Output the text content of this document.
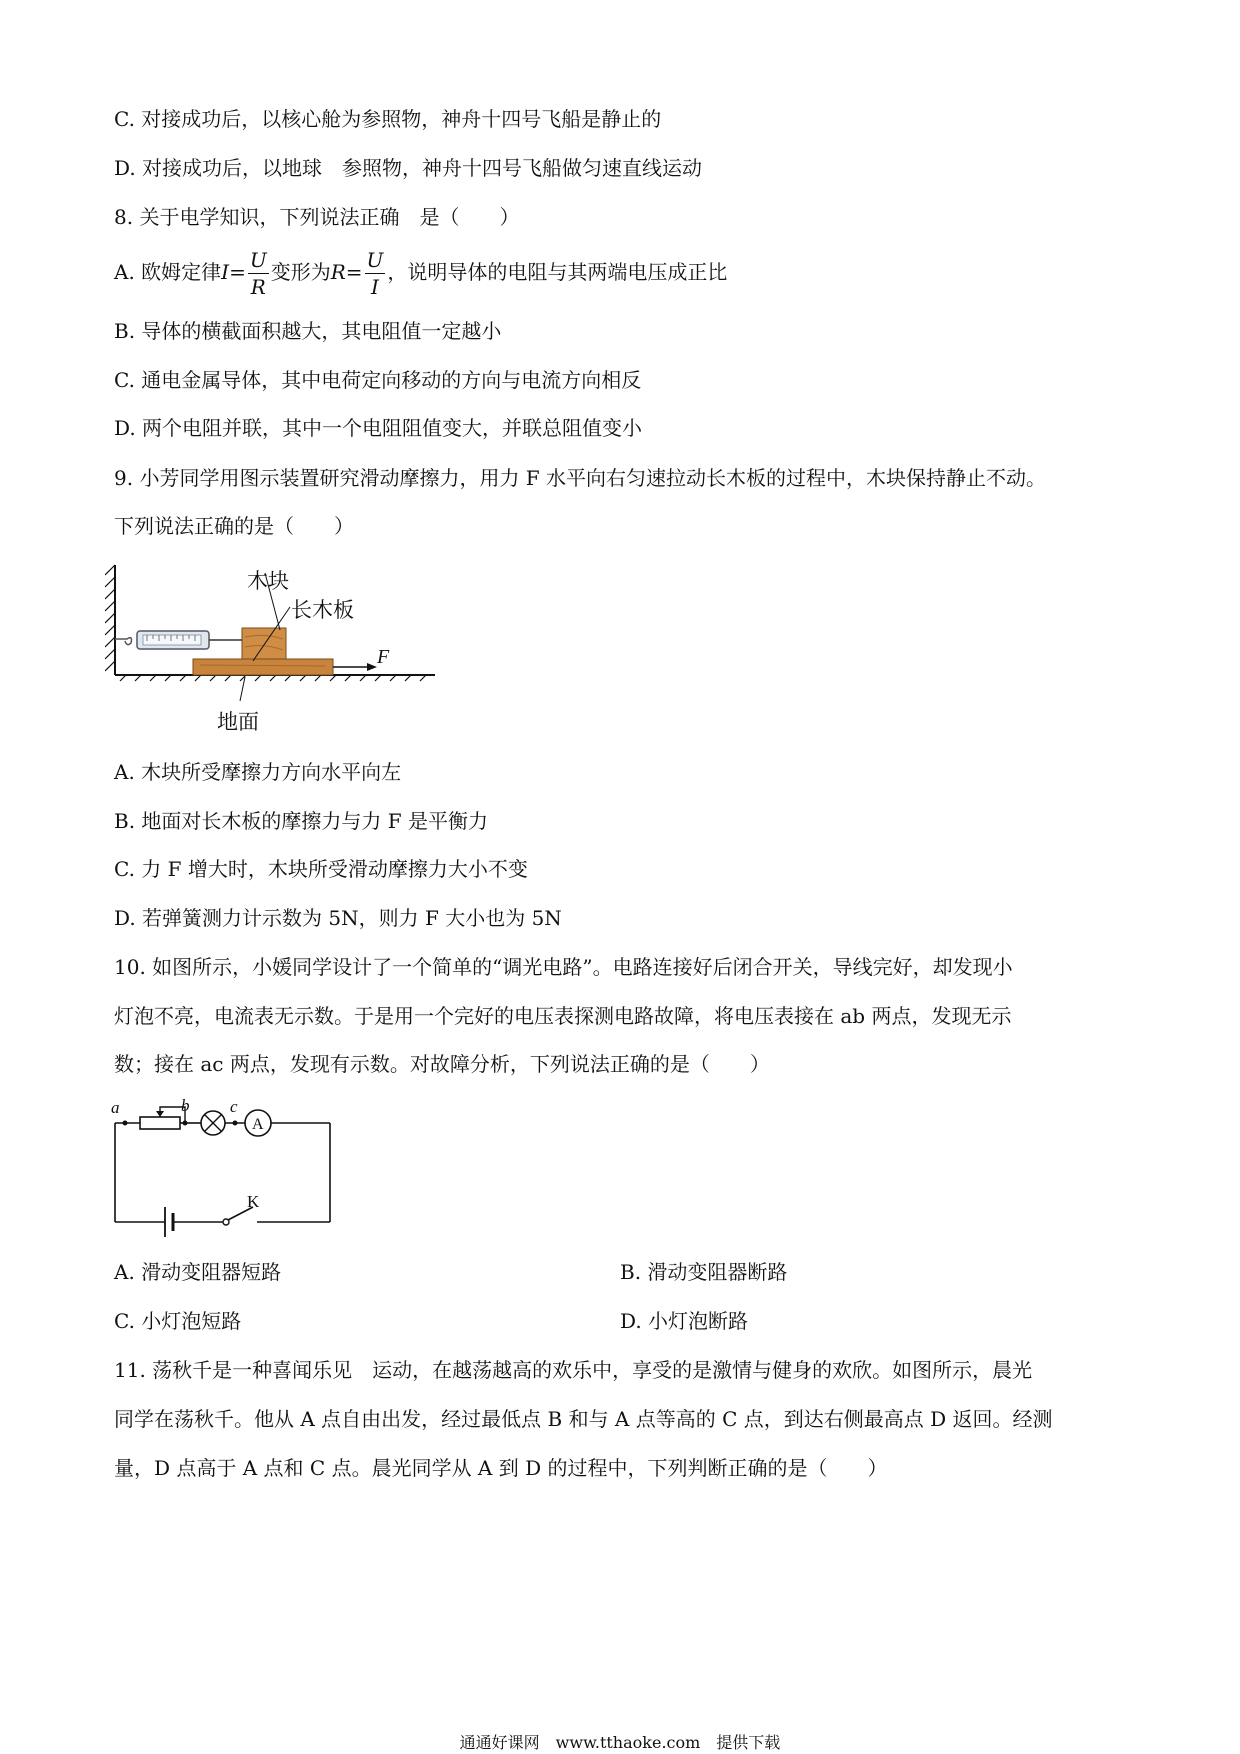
C. 对接成功后，以核心舱为参照物，神舟十四号飞船是静止的
D. 对接成功后，以地球　参照物，神舟十四号飞船做匀速直线运动
8. 关于电学知识，下列说法正确　是（　　）
A. 欧姆定律$I= \frac{U}{R}$ 变形为$R= \frac{U}{I}$ ，说明导体的电阻与其两端电压成正比
B. 导体的横截面积越大，其电阻值一定越小
C. 通电金属导体，其中电荷定向移动的方向与电流方向相反
D. 两个电阻并联，其中一个电阻阻值变大，并联总阻值变小
9. 小芳同学用图示装置研究滑动摩擦力，用力 F 水平向右匀速拉动长木板的过程中，木块保持静止不动。
下列说法正确的是（　　）
木块
长木板
F
地面
A. 木块所受摩擦力方向水平向左
B. 地面对长木板的摩擦力与力 F 是平衡力
C. 力 F 增大时，木块所受滑动摩擦力大小不变
D. 若弹簧测力计示数为 5N，则力 F 大小也为 5N
10. 如图所示，小媛同学设计了一个简单的“调光电路”。电路连接好后闭合开关，导线完好，却发现小
灯泡不亮，电流表无示数。于是用一个完好的电压表探测电路故障，将电压表接在 ab 两点，发现无示
数；接在 ac 两点，发现有示数。对故障分析，下列说法正确的是（　　）
A
a	b c
K
A. 滑动变阻器短路	B. 滑动变阻器断路
C. 小灯泡短路	D. 小灯泡断路
11. 荡秋千是一种喜闻乐见　运动，在越荡越高的欢乐中，享受的是激情与健身的欢欣。如图所示，晨光
同学在荡秋千。他从 A 点自由出发，经过最低点 B 和与 A 点等高的 C 点，到达右侧最高点 D 返回。经测
量，D 点高于 A 点和 C 点。晨光同学从 A 到 D 的过程中，下列判断正确的是（　　）
通通好课网　www.tthaoke.com　提供下载
